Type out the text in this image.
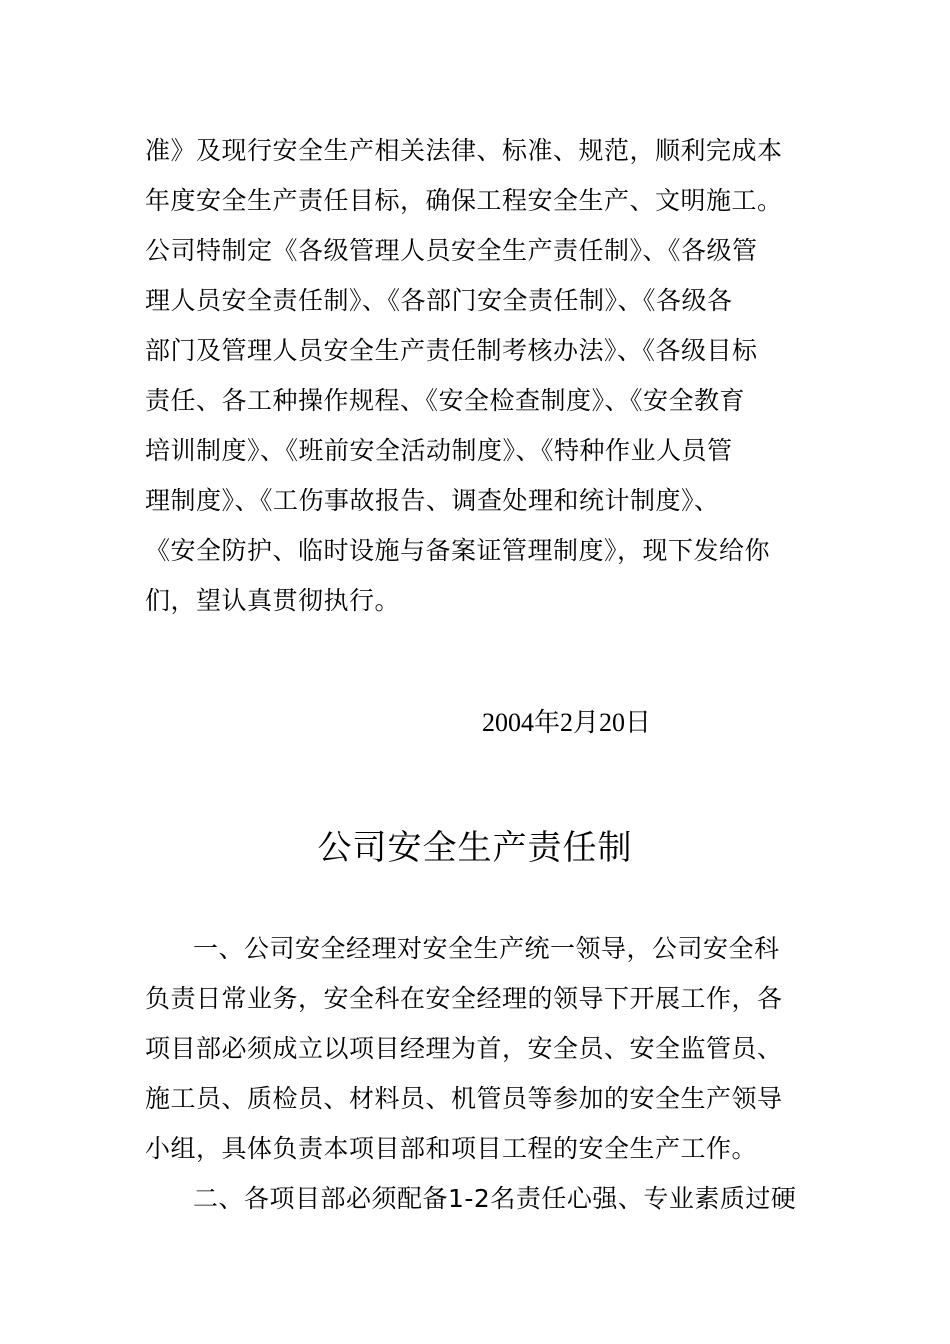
准》及现行安全生产相关法律、标准、规范，顺利完成本
年度安全生产责任目标，确保工程安全生产、文明施工。
公司特制定《各级管理人员安全生产责任制》、《各级管
理人员安全责任制》、《各部门安全责任制》、《各级各
部门及管理人员安全生产责任制考核办法》、《各级目标
责任、各工种操作规程、《安全检查制度》、《安全教育
培训制度》、《班前安全活动制度》、《特种作业人员管
理制度》、《工伤事故报告、调查处理和统计制度》、
《安全防护、临时设施与备案证管理制度》，现下发给你
们，望认真贯彻执行。
2004年2月20日
公司安全生产责任制
一、公司安全经理对安全生产统一领导，公司安全科
负责日常业务，安全科在安全经理的领导下开展工作，各
项目部必须成立以项目经理为首，安全员、安全监管员、
施工员、质检员、材料员、机管员等参加的安全生产领导
小组，具体负责本项目部和项目工程的安全生产工作。
二、各项目部必须配备1-2名责任心强、专业素质过硬
